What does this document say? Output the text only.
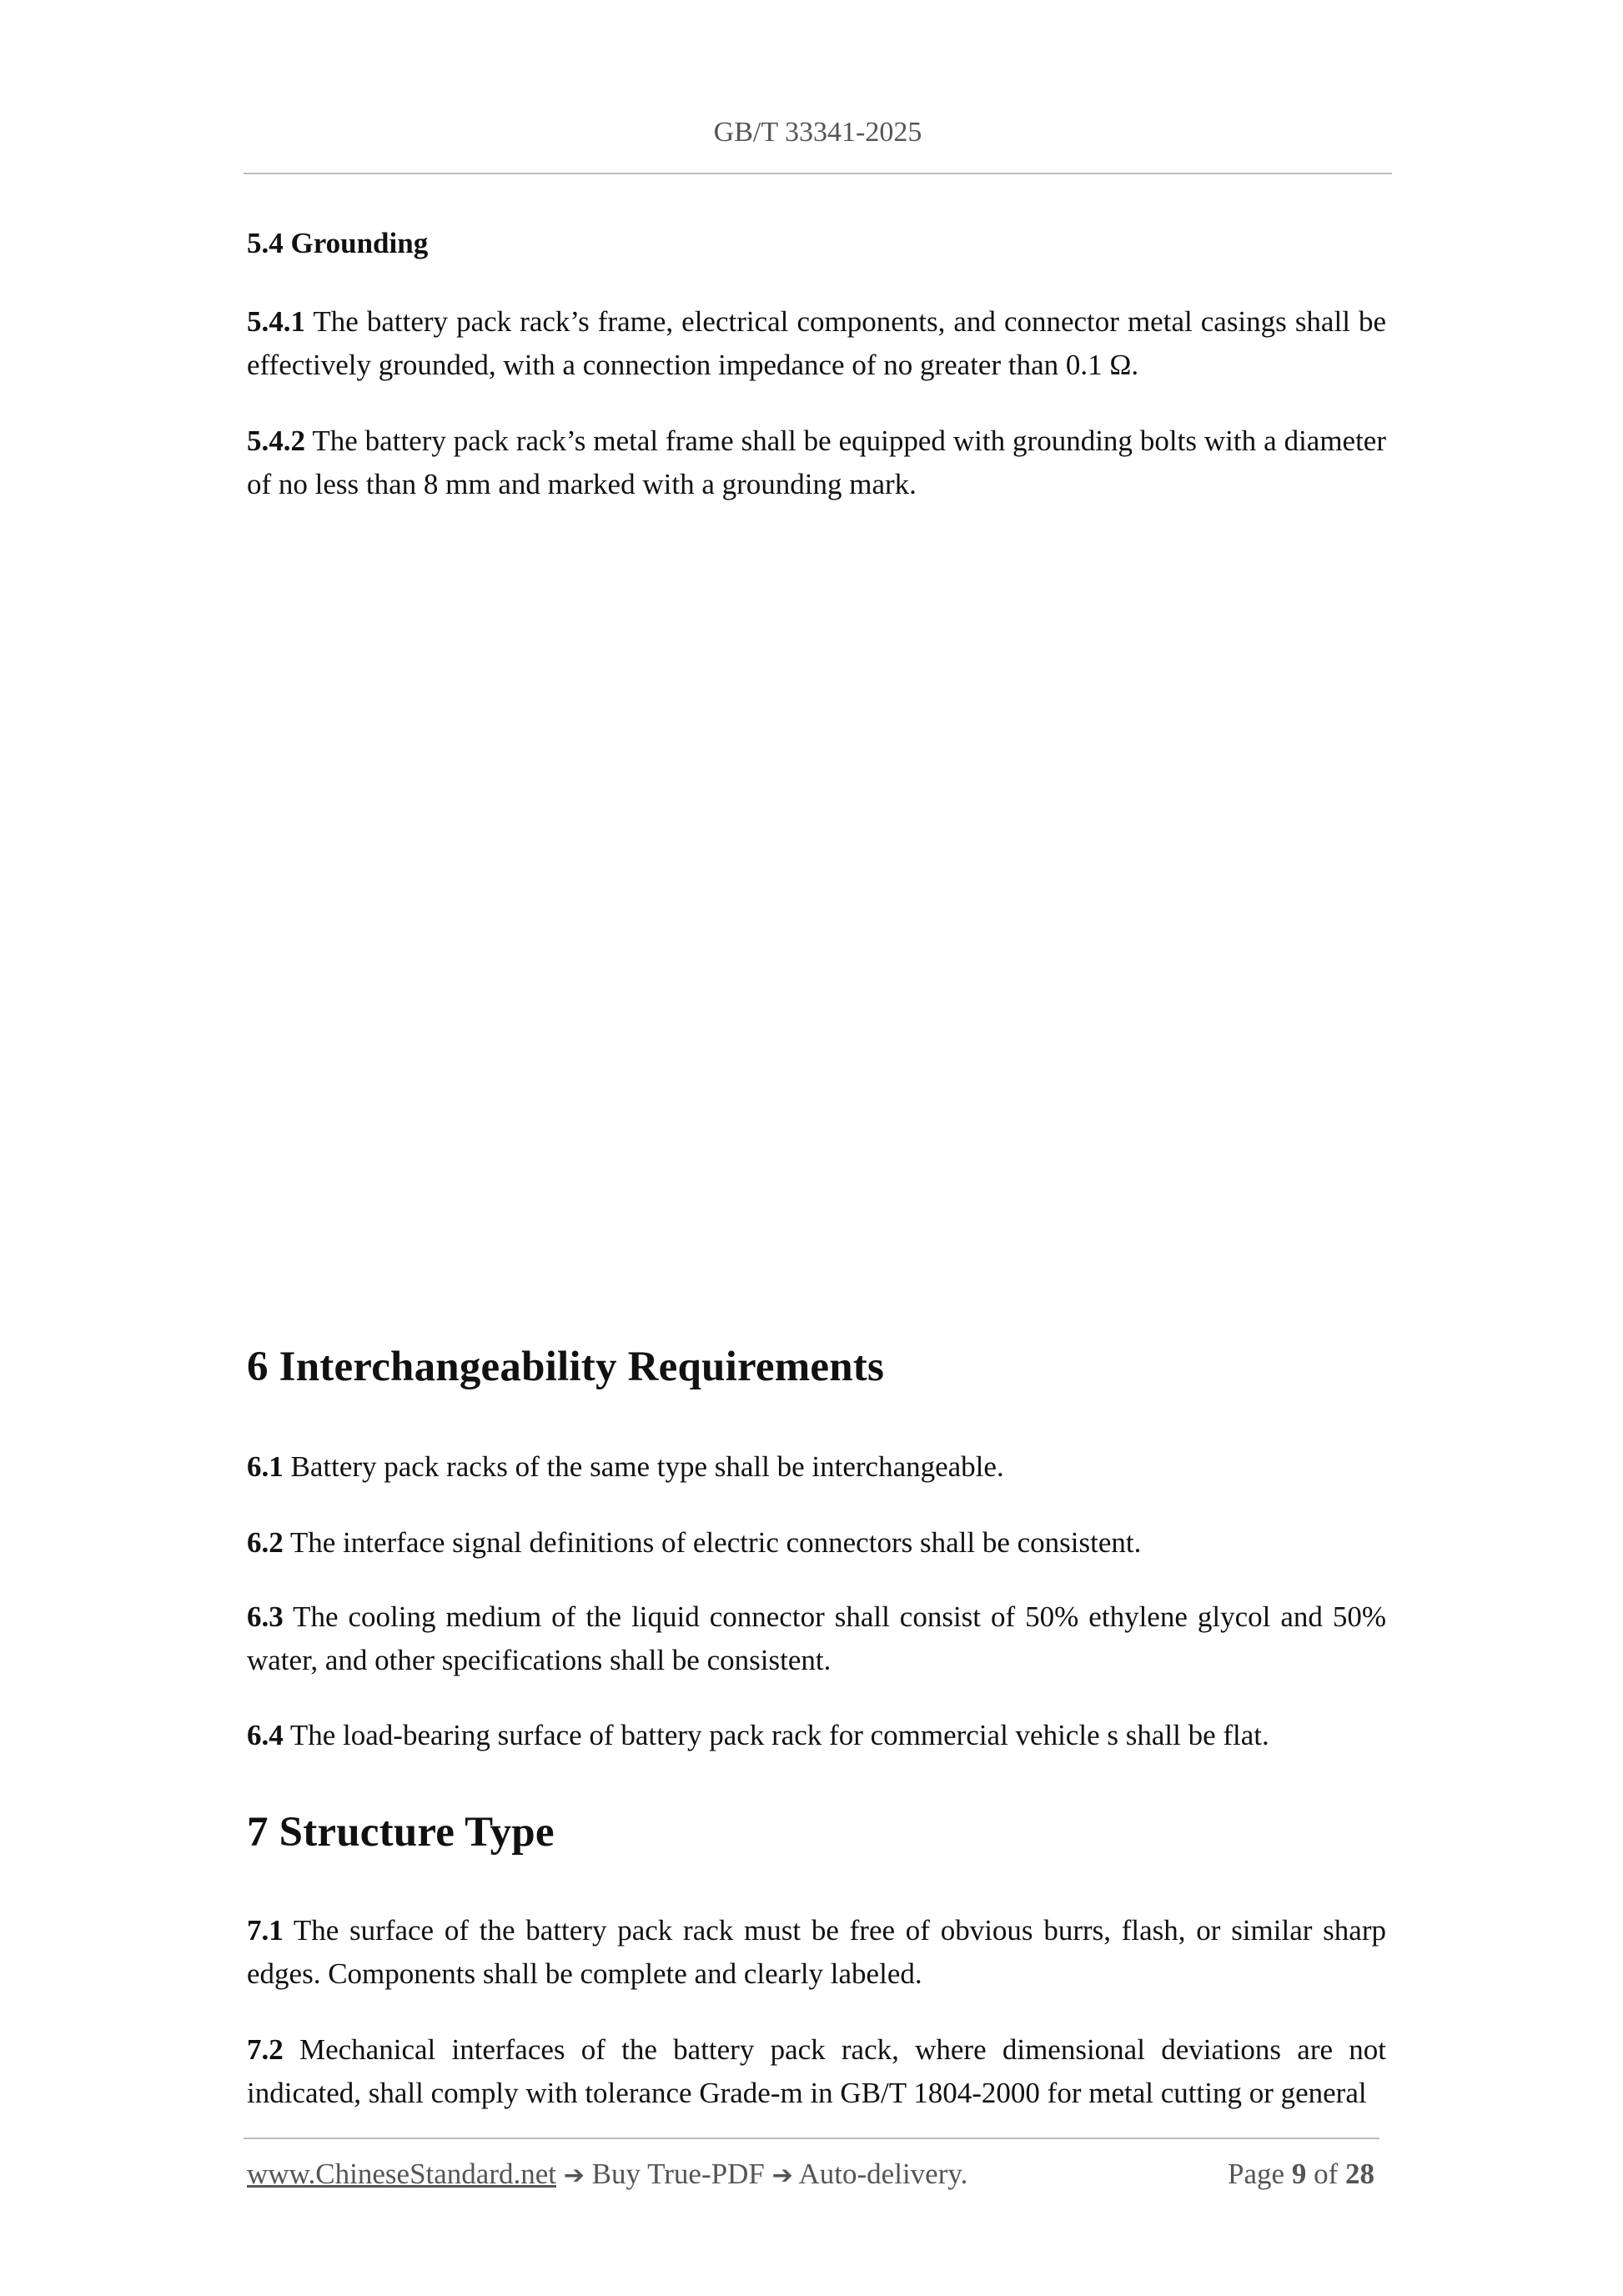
GB/T 33341-2025
5.4 Grounding
5.4.1 The battery pack rack’s frame, electrical components, and connector metal casings shall be effectively grounded, with a connection impedance of no greater than 0.1 Ω.
5.4.2 The battery pack rack’s metal frame shall be equipped with grounding bolts with a diameter of no less than 8 mm and marked with a grounding mark.
6 Interchangeability Requirements
6.1 Battery pack racks of the same type shall be interchangeable.
6.2 The interface signal definitions of electric connectors shall be consistent.
6.3 The cooling medium of the liquid connector shall consist of 50% ethylene glycol and 50% water, and other specifications shall be consistent.
6.4 The load-bearing surface of battery pack rack for commercial vehicle s shall be flat.
7 Structure Type
7.1 The surface of the battery pack rack must be free of obvious burrs, flash, or similar sharp edges. Components shall be complete and clearly labeled.
7.2 Mechanical interfaces of the battery pack rack, where dimensional deviations are not indicated, shall comply with tolerance Grade-m in GB/T 1804-2000 for metal cutting or general
www.ChineseStandard.net ➔ Buy True-PDF ➔ Auto-delivery.	Page 9 of 28
